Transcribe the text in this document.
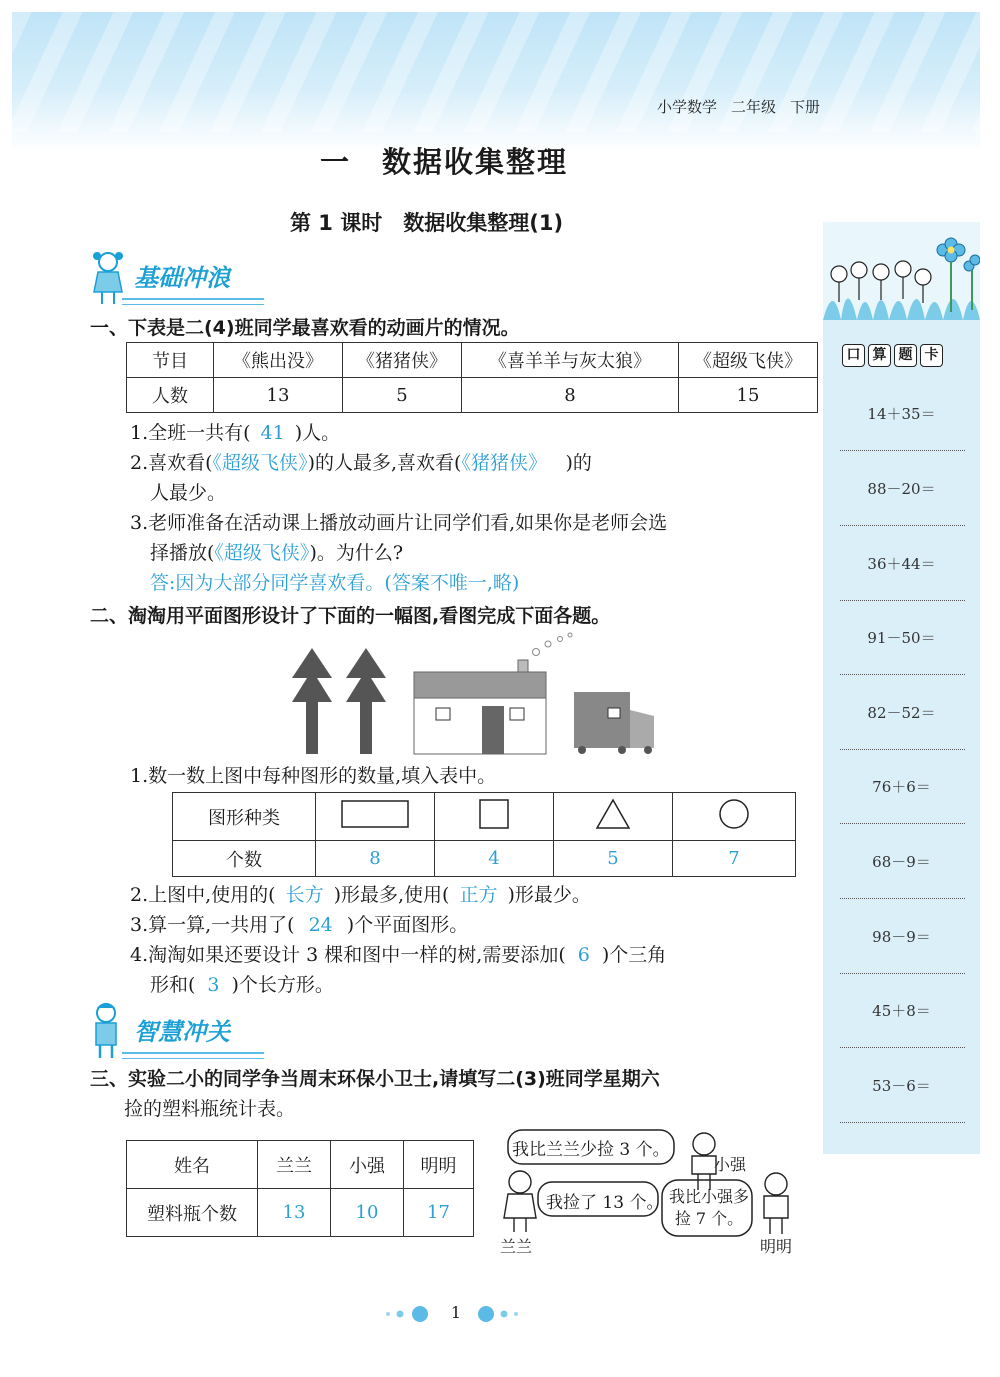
小学数学 二年级 下册
一　数据收集整理
第 1 课时　数据收集整理(1)
口 算 题 卡
14＋35＝
88－20＝
36＋44＝
91－50＝
82－52＝
76＋6＝
68－9＝
98－9＝
45＋8＝
53－6＝
基础冲浪
一、下表是二(4)班同学最喜欢看的动画片的情况。
节目	《熊出没》	《猪猪侠》	《喜羊羊与灰太狼》	《超级飞侠》
人数	13	5	8	15
1.全班一共有( 41 )人。
2.喜欢看(《超级飞侠》)的人最多,喜欢看(《猪猪侠》 )的
人最少。
3.老师准备在活动课上播放动画片让同学们看,如果你是老师会选
择播放(《超级飞侠》)。为什么?
答:因为大部分同学喜欢看。(答案不唯一,略)
二、淘淘用平面图形设计了下面的一幅图,看图完成下面各题。
1.数一数上图中每种图形的数量,填入表中。
图形种类				
个数	8	4	5	7
2.上图中,使用的( 长方 )形最多,使用( 正方 )形最少。
3.算一算,一共用了( 24 )个平面图形。
4.淘淘如果还要设计 3 棵和图中一样的树,需要添加( 6 )个三角
形和( 3 )个长方形。
智慧冲关
三、实验二小的同学争当周末环保小卫士,请填写二(3)班同学星期六
捡的塑料瓶统计表。
姓名	兰兰	小强	明明
塑料瓶个数	13	10	17
我比兰兰少捡 3 个。
我捡了 13 个。 我比小强多捡 7 个。
小强
兰兰	明明
1
